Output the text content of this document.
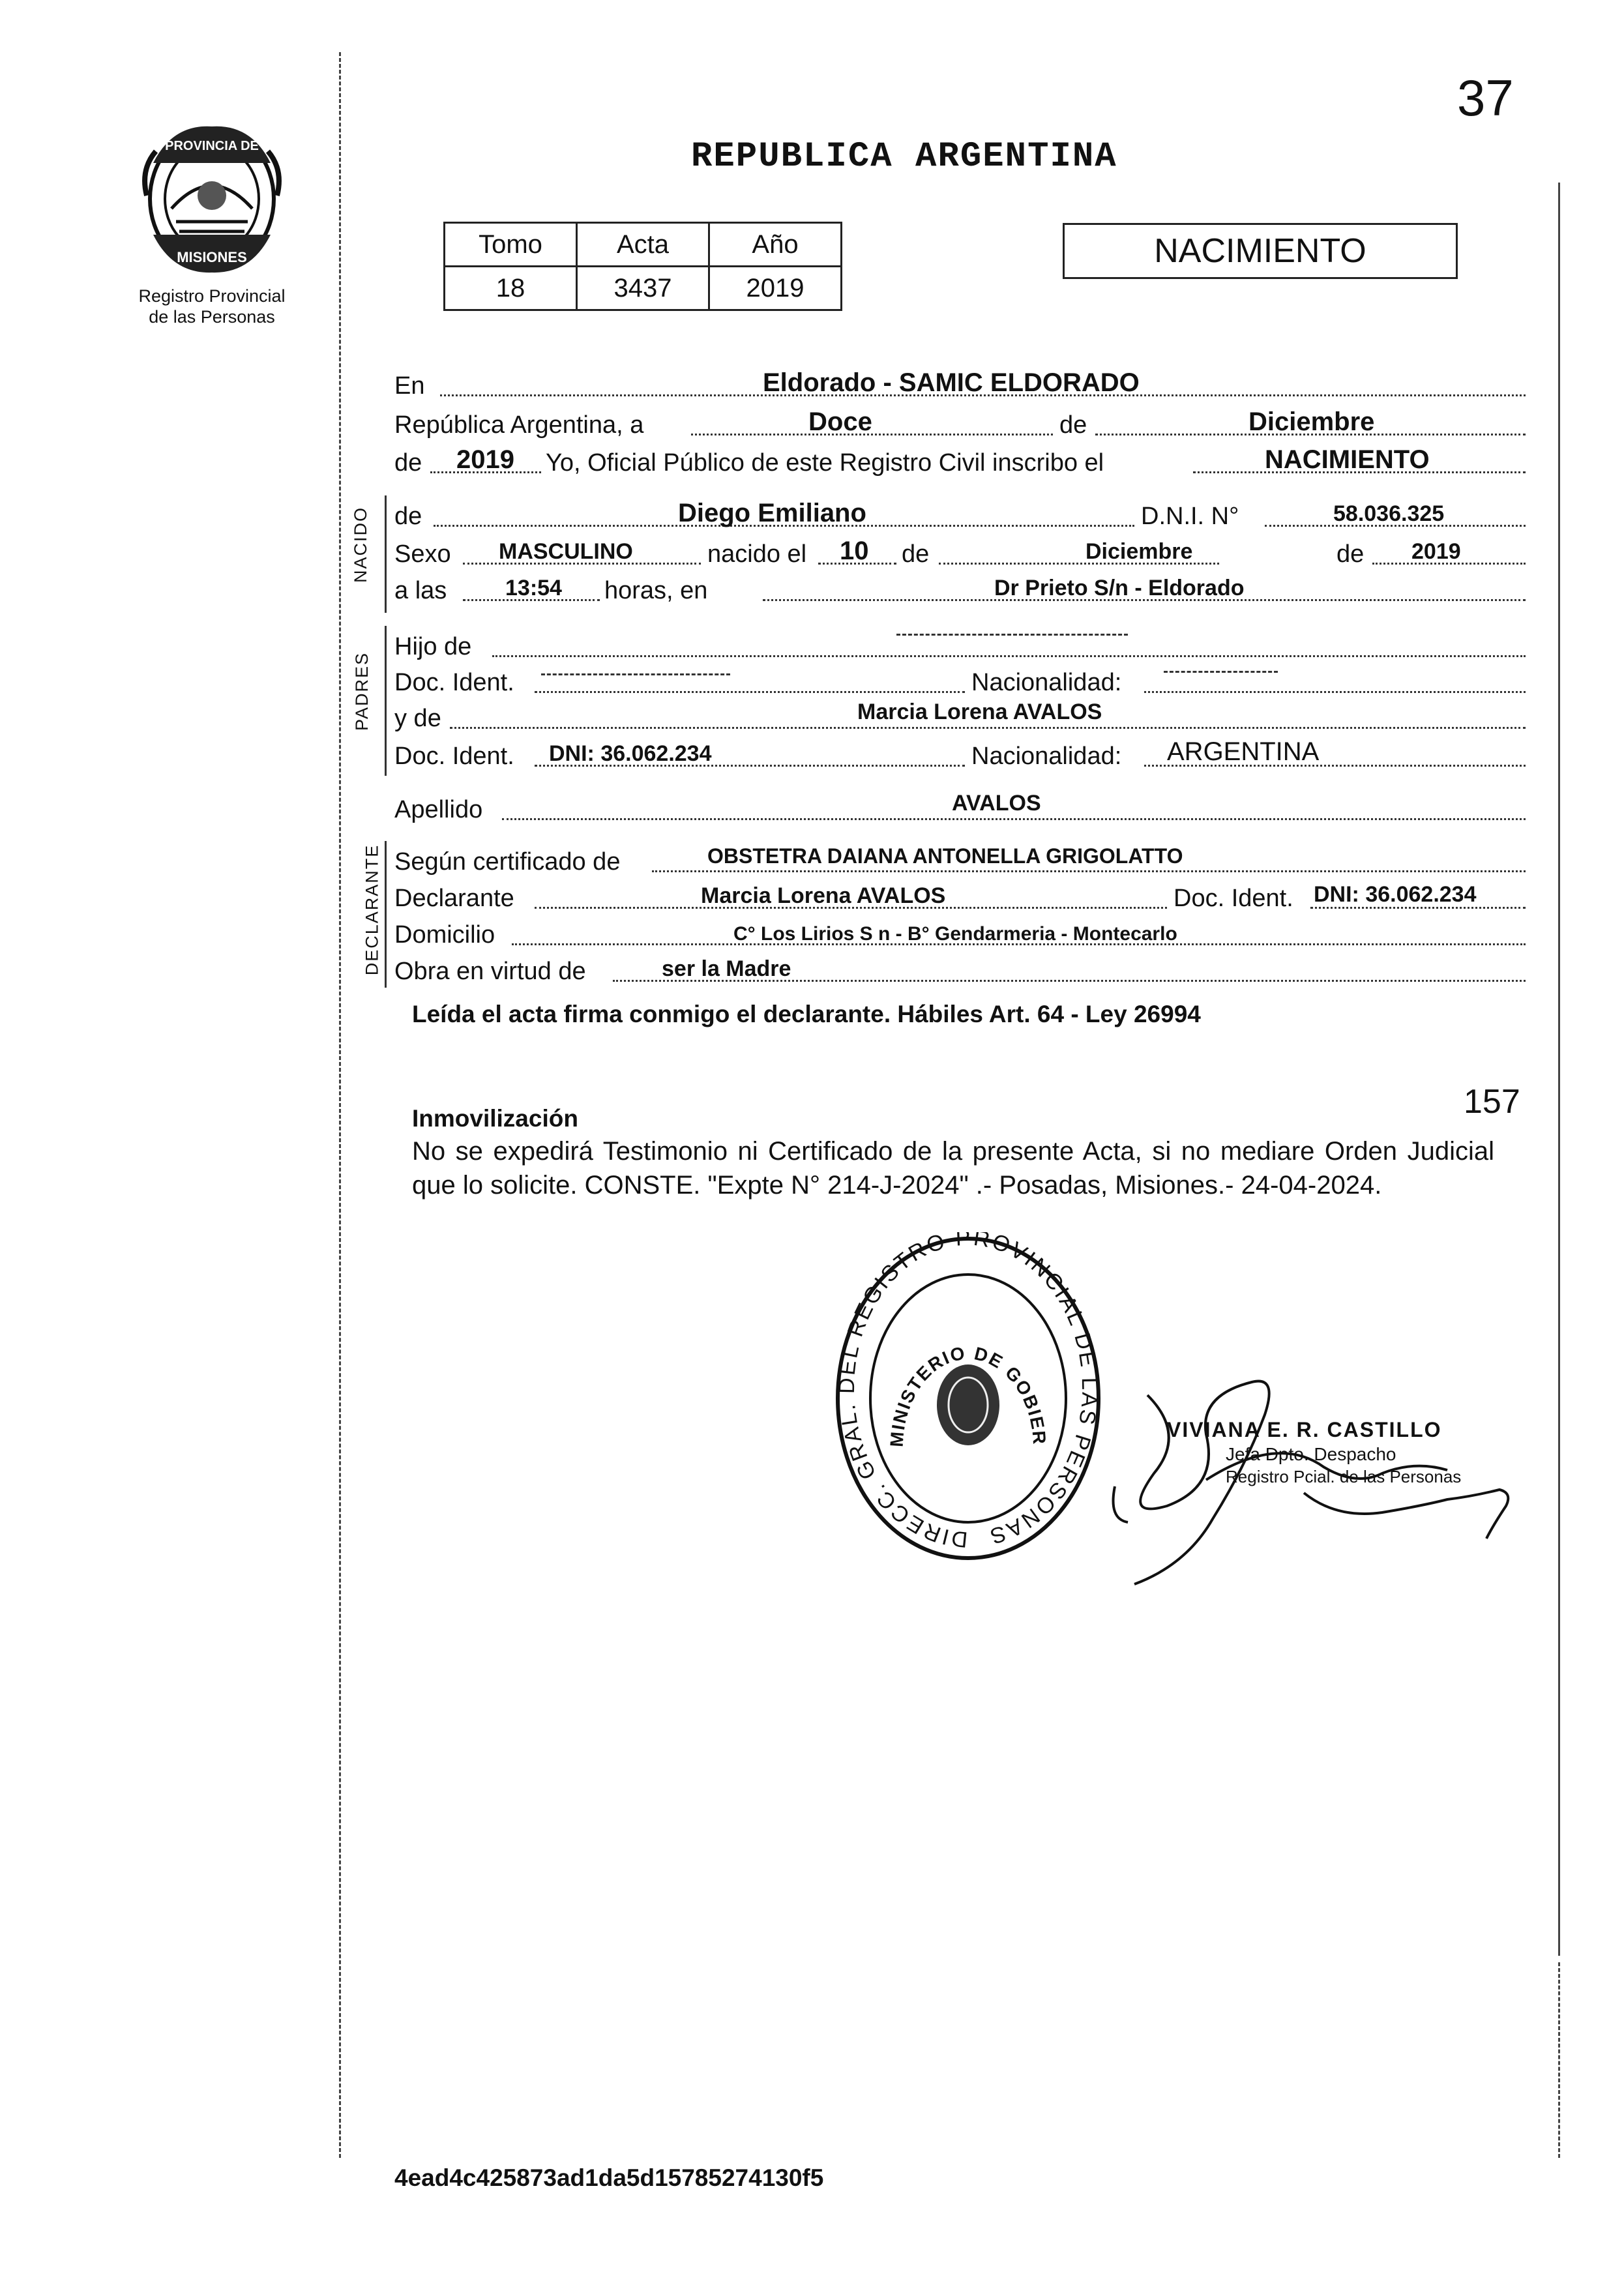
PROVINCIA DE
MISIONES
Registro Provincial
de las Personas
37
REPUBLICA ARGENTINA
Tomo	Acta	Año
18	3437	2019
NACIMIENTO
En	Eldorado - SAMIC ELDORADO
República Argentina, a	Doce	de	Diciembre
de 2019 Yo, Oficial Público de este Registro Civil inscribo el	NACIMIENTO
NACIDO de	Diego Emiliano	D.N.I. N°	58.036.325
Sexo MASCULINO	nacido el 10 de	Diciembre	de 2019
a las	13:54 horas, en	Dr Prieto S/n - Eldorado
PADRES
Hijo de
Doc. Ident.	Nacionalidad:
y de	Marcia Lorena AVALOS
Doc. Ident. DNI: 36.062.234	Nacionalidad: ARGENTINA
Apellido	AVALOS
DECLARANTE Según certificado de	OBSTETRA DAIANA ANTONELLA GRIGOLATTO
Declarante	Marcia Lorena AVALOS	Doc. Ident. DNI: 36.062.234
Domicilio	C° Los Lirios S n - B° Gendarmeria - Montecarlo
Obra en virtud de	ser la Madre
Leída el acta firma conmigo el declarante. Hábiles Art. 64 - Ley 26994
157
Inmovilización
No se expedirá Testimonio ni Certificado de la presente Acta, si no mediare Orden Judicial que lo solicite. CONSTE. "Expte N° 214-J-2024" .- Posadas, Misiones.- 24-04-2024.
DIRECC. GRAL. DEL REGISTRO PROVINCIAL DE LAS PERSONAS
MINISTERIO DE GOBIER	VIVIANA E. R. CASTILLO
Jefa Dpto. Despacho
Registro Pcial. de las Personas
4ead4c425873ad1da5d15785274130f5
